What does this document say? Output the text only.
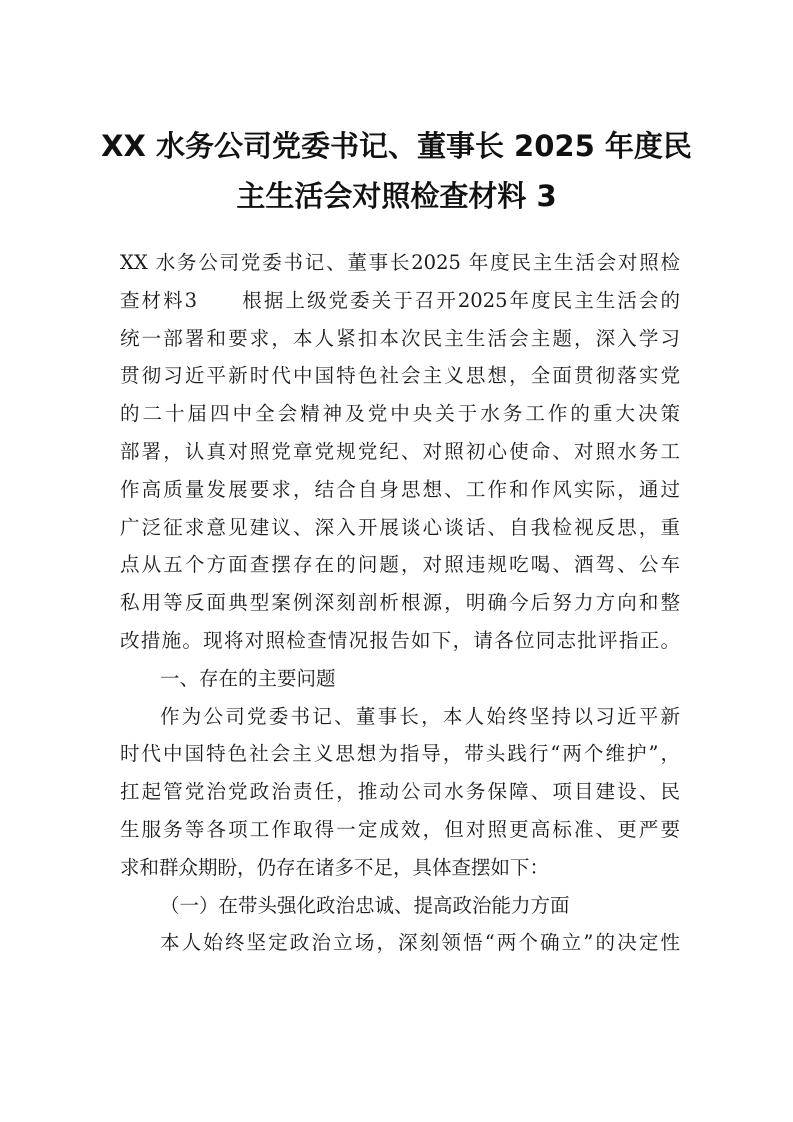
XX 水务公司党委书记、董事长 2025 年度民
主生活会对照检查材料 3
XX 水务公司党委书记、董事长2025 年度民主生活会对照检
查材料3　　根据上级党委关于召开2025年度民主生活会的
统一部署和要求，本人紧扣本次民主生活会主题，深入学习
贯彻习近平新时代中国特色社会主义思想，全面贯彻落实党
的二十届四中全会精神及党中央关于水务工作的重大决策
部署，认真对照党章党规党纪、对照初心使命、对照水务工
作高质量发展要求，结合自身思想、工作和作风实际，通过
广泛征求意见建议、深入开展谈心谈话、自我检视反思，重
点从五个方面查摆存在的问题，对照违规吃喝、酒驾、公车
私用等反面典型案例深刻剖析根源，明确今后努力方向和整
改措施。现将对照检查情况报告如下，请各位同志批评指正。
一、存在的主要问题
作为公司党委书记、董事长，本人始终坚持以习近平新
时代中国特色社会主义思想为指导，带头践行“两个维护”，
扛起管党治党政治责任，推动公司水务保障、项目建设、民
生服务等各项工作取得一定成效，但对照更高标准、更严要
求和群众期盼，仍存在诸多不足，具体查摆如下：
（一）在带头强化政治忠诚、提高政治能力方面
本人始终坚定政治立场，深刻领悟“两个确立”的决定性
